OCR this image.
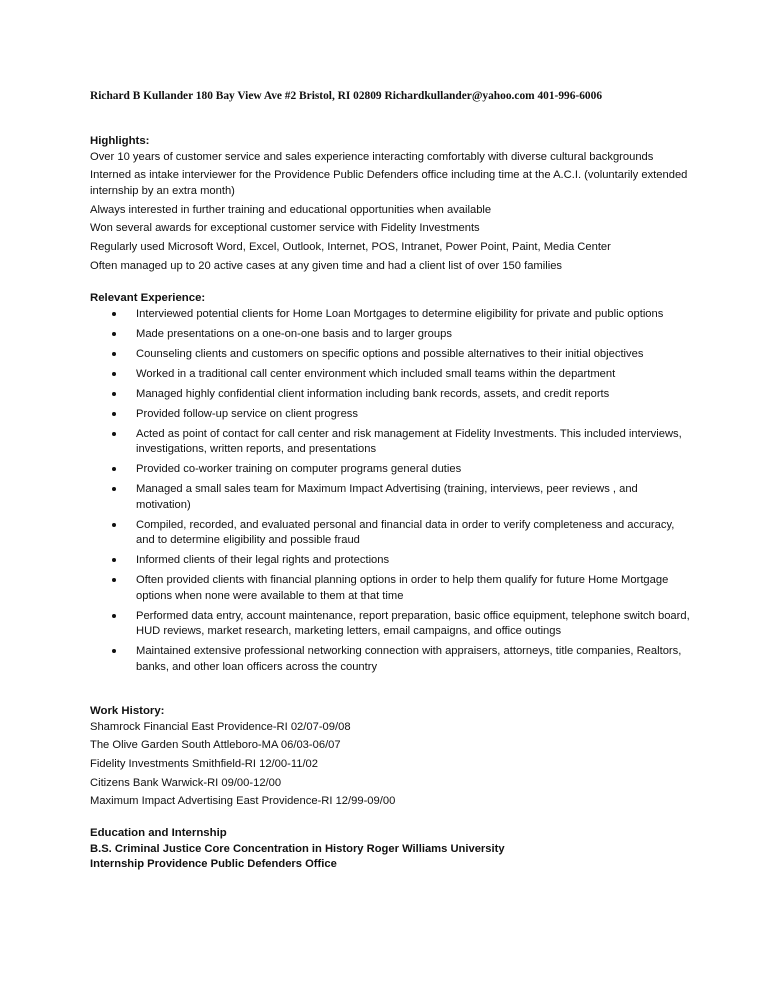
Richard B Kullander 180 Bay View Ave #2 Bristol, RI 02809 Richardkullander@yahoo.com 401-996-6006
Highlights:
Over 10 years of customer service and sales experience interacting comfortably with diverse cultural backgrounds
Interned as intake interviewer for the Providence Public Defenders office including time at the A.C.I. (voluntarily extended internship by an extra month)
Always interested in further training and educational opportunities when available
Won several awards for exceptional customer service with Fidelity Investments
Regularly used Microsoft Word, Excel, Outlook, Internet, POS, Intranet, Power Point, Paint, Media Center
Often managed up to 20 active cases at any given time and had a client list of over 150 families
Relevant Experience:
Interviewed potential clients for Home Loan Mortgages to determine eligibility for private and public options
Made presentations on a one-on-one basis and to larger groups
Counseling clients and customers on specific options and possible alternatives to their initial objectives
Worked in a traditional call center environment which included small teams within the department
Managed highly confidential client information including bank records, assets, and credit reports
Provided follow-up service on client progress
Acted as point of contact for call center and risk management at Fidelity Investments. This included interviews, investigations, written reports, and presentations
Provided co-worker training on computer programs general duties
Managed a small sales team for Maximum Impact Advertising (training, interviews, peer reviews , and motivation)
Compiled, recorded, and evaluated personal and financial data in order to verify completeness and accuracy, and to determine eligibility and possible fraud
Informed clients of their legal rights and protections
Often provided clients with financial planning options in order to help them qualify for future Home Mortgage options when none were available to them at that time
Performed data entry, account maintenance, report preparation, basic office equipment, telephone switch board, HUD reviews, market research, marketing letters, email campaigns, and office outings
Maintained extensive professional networking connection with appraisers, attorneys, title companies, Realtors, banks, and other loan officers across the country
Work History:
Shamrock Financial East Providence-RI 02/07-09/08
The Olive Garden South Attleboro-MA 06/03-06/07
Fidelity Investments Smithfield-RI 12/00-11/02
Citizens Bank Warwick-RI 09/00-12/00
Maximum Impact Advertising East Providence-RI 12/99-09/00
Education and Internship
B.S. Criminal Justice Core Concentration in History Roger Williams University
Internship Providence Public Defenders Office
